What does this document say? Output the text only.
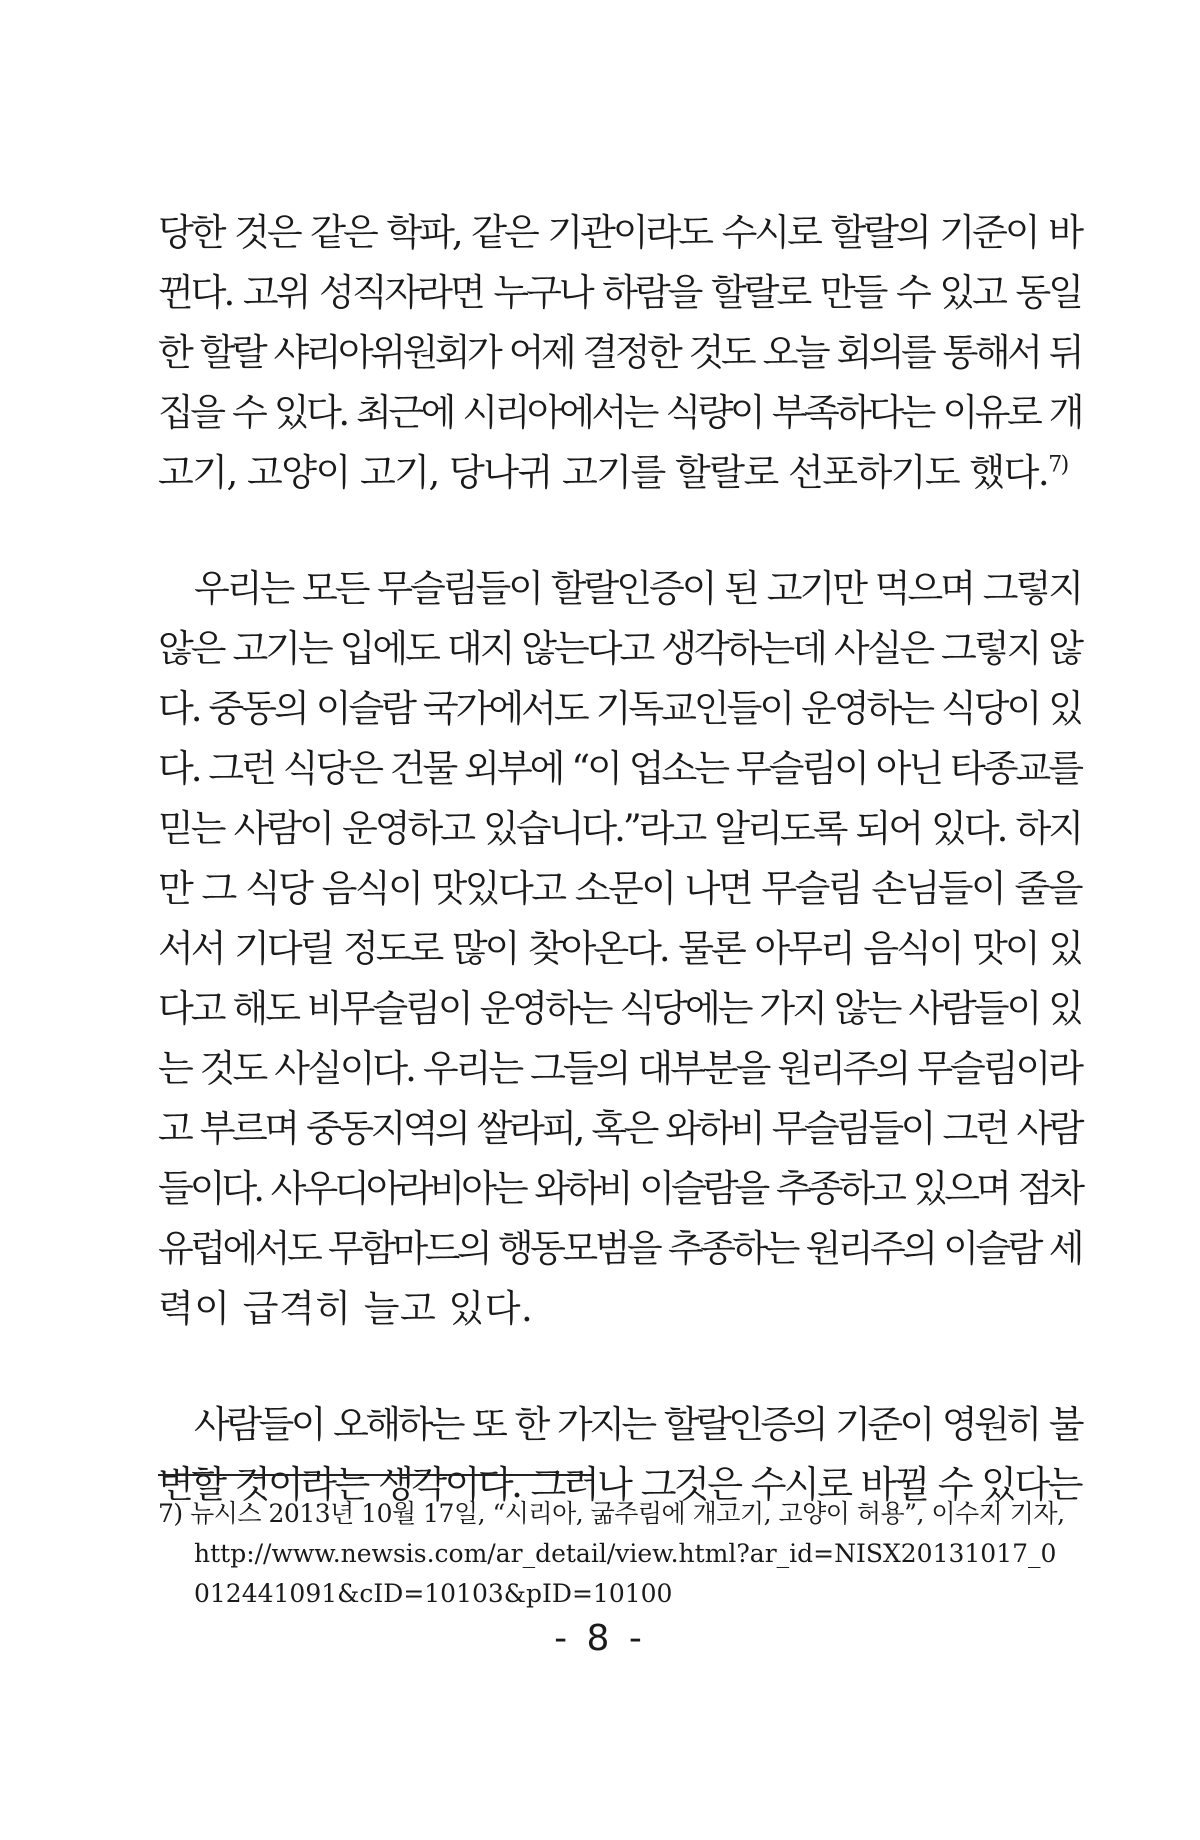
당한 것은 같은 학파, 같은 기관이라도 수시로 할랄의 기준이 바
뀐다. 고위 성직자라면 누구나 하람을 할랄로 만들 수 있고 동일
한 할랄 샤리아위원회가 어제 결정한 것도 오늘 회의를 통해서 뒤
집을 수 있다. 최근에 시리아에서는 식량이 부족하다는 이유로 개
고기, 고양이 고기, 당나귀 고기를 할랄로 선포하기도 했다.$^{7)}$
우리는 모든 무슬림들이 할랄인증이 된 고기만 먹으며 그렇지
않은 고기는 입에도 대지 않는다고 생각하는데 사실은 그렇지 않
다. 중동의 이슬람 국가에서도 기독교인들이 운영하는 식당이 있
다. 그런 식당은 건물 외부에 “이 업소는 무슬림이 아닌 타종교를
믿는 사람이 운영하고 있습니다.”라고 알리도록 되어 있다. 하지
만 그 식당 음식이 맛있다고 소문이 나면 무슬림 손님들이 줄을
서서 기다릴 정도로 많이 찾아온다. 물론 아무리 음식이 맛이 있
다고 해도 비무슬림이 운영하는 식당에는 가지 않는 사람들이 있
는 것도 사실이다. 우리는 그들의 대부분을 원리주의 무슬림이라
고 부르며 중동지역의 쌀라피, 혹은 와하비 무슬림들이 그런 사람
들이다. 사우디아라비아는 와하비 이슬람을 추종하고 있으며 점차
유럽에서도 무함마드의 행동모범을 추종하는 원리주의 이슬람 세
력이 급격히 늘고 있다.
사람들이 오해하는 또 한 가지는 할랄인증의 기준이 영원히 불
변할 것이라는 생각이다. 그러나 그것은 수시로 바뀔 수 있다는
7) 뉴시스 2013년 10월 17일, “시리아, 굶주림에 개고기, 고양이 허용”, 이수지 기자,
http://www.newsis.com/ar_detail/view.html?ar_id=NISX20131017_0
012441091&cID=10103&pID=10100
- 8 -
